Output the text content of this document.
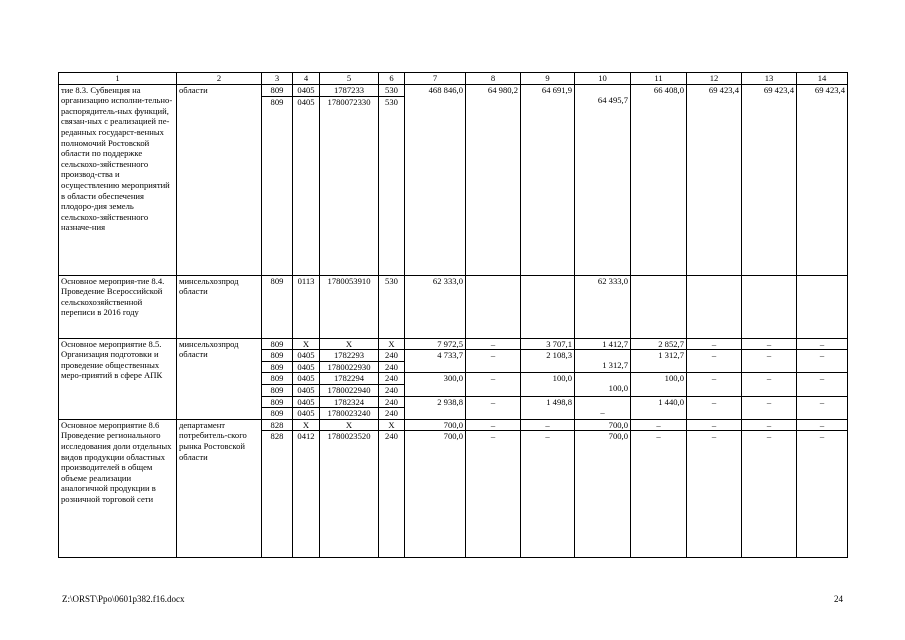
1	2	3	4	5	6	7	8	9	10	11	12	13	14
тие 8.3. Субвенция на организацию исполни-тельно-распорядитель-ных функций, связан-ных с реализацией пе-реданных государст-венных полномочий Ростовской области по поддержке сельскохо-зяйственного производ-ства и осуществлению мероприятий в области обеспечения плодоро-дия земель сельскохо-зяйственного назначе-ния	области	809	0405	1787233	530	468 846,0	64 980,2	64 691,9	64 495,7	66 408,0	69 423,4	69 423,4	69 423,4
		809	0405	1780072330	530								
Основное мероприя-тие 8.4. Проведение Всероссийской сельскохозяйственной переписи в 2016 году	минсельхозпрод области	809	0113	1780053910	530	62 333,0			62 333,0				
Основное мероприятие 8.5. Организация подготовки и проведение общественных меро-приятий в сфере АПК	минсельхозпрод области	809	Х	Х	Х	7 972,5	–	3 707,1	1 412,7	2 852,7	–	–	–
		809	0405	1782293	240	4 733,7	–	2 108,3	1 312,7	1 312,7	–	–	–
		809	0405	1780022930	240								
		809	0405	1782294	240	300,0	–	100,0	100,0	100,0	–	–	–
		809	0405	1780022940	240								
		809	0405	1782324	240	2 938,8	–	1 498,8	–	1 440,0	–	–	–
		809	0405	1780023240	240								
Основное мероприятие 8.6 Проведение регионального исследования доли отдельных видов продукции областных производителей в общем объеме реализации аналогичной продукции в розничной торговой сети	департамент потребитель-ского рынка Ростовской области	828	Х	Х	Х	700,0	–	–	700,0	–	–	–	–
		828	0412	1780023520	240	700,0	–	–	700,0	–	–	–	–
Z:\ORST\Ppo\0601p382.f16.docx	24
